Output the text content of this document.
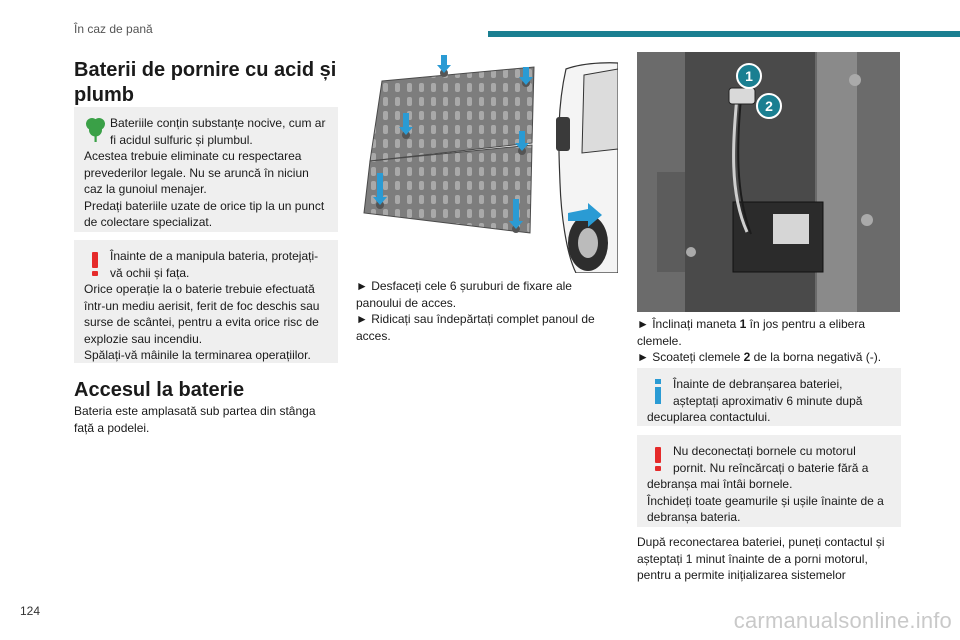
În caz de pană
Baterii de pornire cu acid și plumb

Bateriile conțin substanțe nocive, cum ar fi acidul sulfuric și plumbul.

Acestea trebuie eliminate cu respectarea prevederilor legale. Nu se aruncă în niciun caz la gunoiul menajer.

Predați bateriile uzate de orice tip la un punct de colectare specializat.

Înainte de a manipula bateria, protejați-vă ochii și fața.

Orice operație la o baterie trebuie efectuată într-un mediu aerisit, ferit de foc deschis sau surse de scântei, pentru a evita orice risc de explozie sau incendiu.

Spălați-vă mâinile la terminarea operațiilor.

Accesul la baterie

Bateria este amplasată sub partea din stânga față a podelei.

► Desfaceți cele 6 șuruburi de fixare ale panoului de acces.

► Ridicați sau îndepărtați complet panoul de acces.

1
2

► Înclinați maneta 1 în jos pentru a elibera clemele.

► Scoateți clemele 2 de la borna negativă (-).

Înainte de debranșarea bateriei, așteptați aproximativ 6 minute după decuplarea contactului.

Nu deconectați bornele cu motorul pornit. Nu reîncărcați o baterie fără a debranșa mai întâi bornele.

Închideți toate geamurile și ușile înainte de a debranșa bateria.

După reconectarea bateriei, puneți contactul și așteptați 1 minut înainte de a porni motorul, pentru a permite inițializarea sistemelor

124	carmanualsonline.info
